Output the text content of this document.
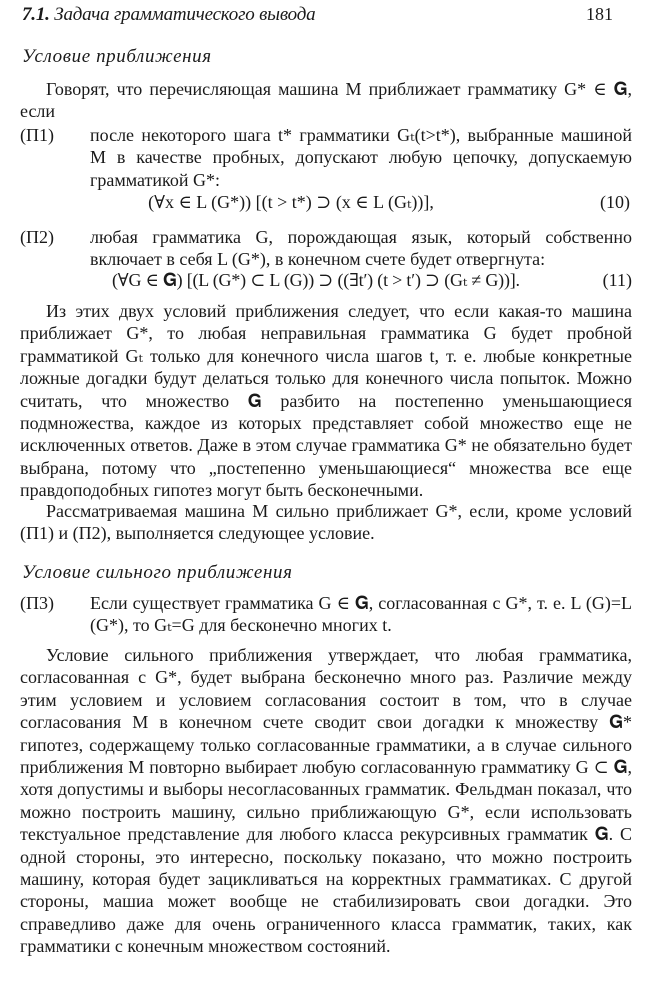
7.1. Задача грамматического вывода	181
Условие приближения

Говорят, что перечисляющая машина M приближает грамматику G* ∈ 𝐆, если

(П1) после некоторого шага t* грамматики Gₜ(t>t*), выбранные машиной M в качестве пробных, допускают любую цепочку, допускаемую грамматикой G*:

(∀x ∈ L (G*)) [(t > t*) ⊃ (x ∈ L (Gₜ))],	(10)
(П2) любая грамматика G, порождающая язык, который собственно включает в себя L (G*), в конечном счете будет отвергнута:

(∀G ∈ 𝐆) [(L (G*) ⊂ L (G)) ⊃ ((∃t′) (t > t′) ⊃ (Gₜ ≠ G))].	(11)

Из этих двух условий приближения следует, что если какая-то машина приближает G*, то любая неправильная грамматика G будет пробной грамматикой Gₜ только для конечного числа шагов t, т. е. любые конкретные ложные догадки будут делаться только для конечного числа попыток. Можно считать, что множество 𝐆 разбито на постепенно уменьшающиеся подмножества, каждое из которых представляет собой множество еще не исключенных ответов. Даже в этом случае грамматика G* не обязательно будет выбрана, потому что „постепенно уменьшающиеся“ множества все еще правдоподобных гипотез могут быть бесконечными.

Рассматриваемая машина M сильно приближает G*, если, кроме условий (П1) и (П2), выполняется следующее условие.

Условие сильного приближения
(П3) Если существует грамматика G ∈ 𝐆, согласованная с G*, т. е. L (G)=L (G*), то Gₜ=G для бесконечно многих t.

Условие сильного приближения утверждает, что любая грамматика, согласованная с G*, будет выбрана бесконечно много раз. Различие между этим условием и условием согласования состоит в том, что в случае согласования M в конечном счете сводит свои догадки к множеству 𝐆* гипотез, содержащему только согласованные грамматики, а в случае сильного приближения M повторно выбирает любую согласованную грамматику G ⊂ 𝐆, хотя допустимы и выборы несогласованных грамматик. Фельдман показал, что можно построить машину, сильно приближающую G*, если использовать текстуальное представление для любого класса рекурсивных грамматик 𝐆. С одной стороны, это интересно, поскольку показано, что можно построить машину, которая будет зацикливаться на корректных грамматиках. С другой стороны, машиа может вообще не стабилизировать свои догадки. Это справедливо даже для очень ограниченного класса грамматик, таких, как грамматики с конечным множеством состояний.
